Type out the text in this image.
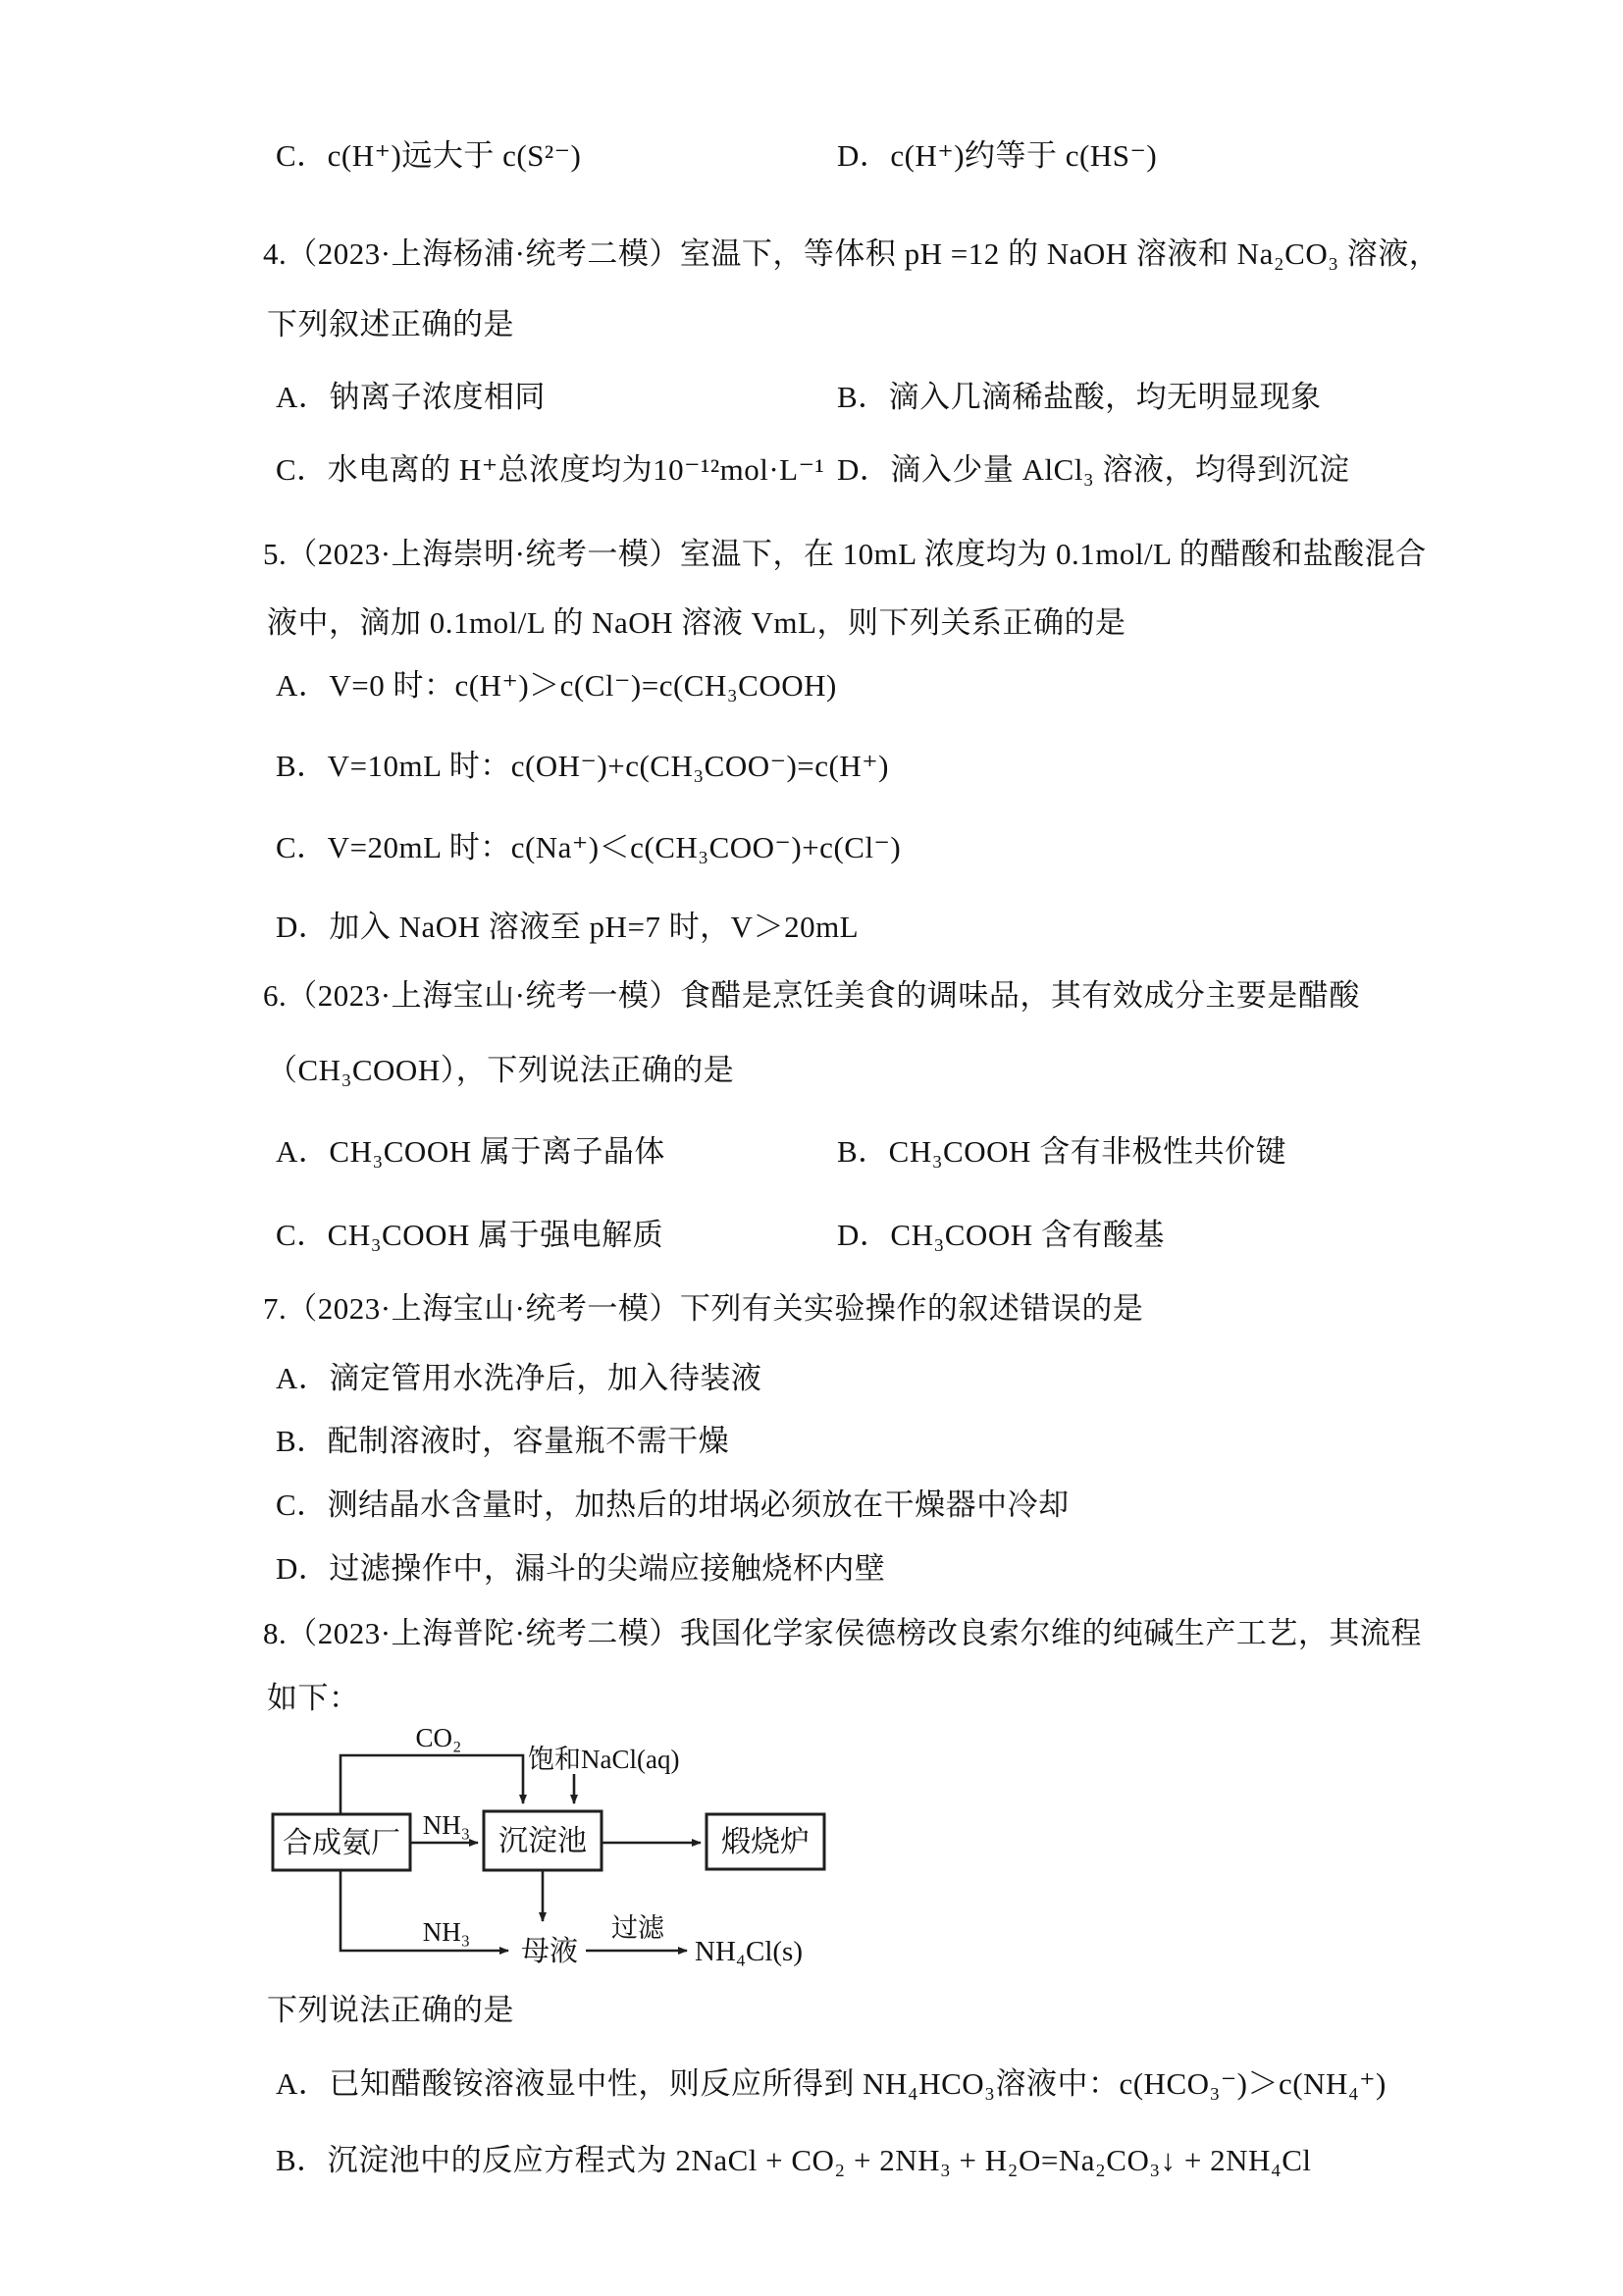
C．c(H⁺)远大于 c(S²⁻)	D．c(H⁺)约等于 c(HS⁻)
4.（2023·上海杨浦·统考二模）室温下，等体积 pH =12 的 NaOH 溶液和 Na₂CO₃ 溶液，
下列叙述正确的是
A．钠离子浓度相同	B．滴入几滴稀盐酸，均无明显现象
C．水电离的 H⁺总浓度均为10⁻¹²mol·L⁻¹ D．滴入少量 AlCl₃ 溶液，均得到沉淀
5.（2023·上海崇明·统考一模）室温下，在 10mL 浓度均为 0.1mol/L 的醋酸和盐酸混合
液中，滴加 0.1mol/L 的 NaOH 溶液 VmL，则下列关系正确的是
A．V=0 时：c(H⁺)＞c(Cl⁻)=c(CH₃COOH)
B．V=10mL 时：c(OH⁻)+c(CH₃COO⁻)=c(H⁺)
C．V=20mL 时：c(Na⁺)＜c(CH₃COO⁻)+c(Cl⁻)
D．加入 NaOH 溶液至 pH=7 时，V＞20mL
6.（2023·上海宝山·统考一模）食醋是烹饪美食的调味品，其有效成分主要是醋酸
（CH₃COOH），下列说法正确的是
A．CH₃COOH 属于离子晶体	B．CH₃COOH 含有非极性共价键
C．CH₃COOH 属于强电解质	D．CH₃COOH 含有酸基
7.（2023·上海宝山·统考一模）下列有关实验操作的叙述错误的是
A．滴定管用水洗净后，加入待装液
B．配制溶液时，容量瓶不需干燥
C．测结晶水含量时，加热后的坩埚必须放在干燥器中冷却
D．过滤操作中，漏斗的尖端应接触烧杯内壁
8.（2023·上海普陀·统考二模）我国化学家侯德榜改良索尔维的纯碱生产工艺，其流程
如下：
CO₂
饱和NaCl(aq)
合成氨厂
NH₃ 沉淀池	煅烧炉
NH₃
母液
过滤
NH₄Cl(s)
下列说法正确的是
A．已知醋酸铵溶液显中性，则反应所得到 NH₄HCO₃溶液中：c(HCO₃⁻)＞c(NH₄⁺)
B．沉淀池中的反应方程式为 2NaCl + CO₂ + 2NH₃ + H₂O=Na₂CO₃↓ + 2NH₄Cl
